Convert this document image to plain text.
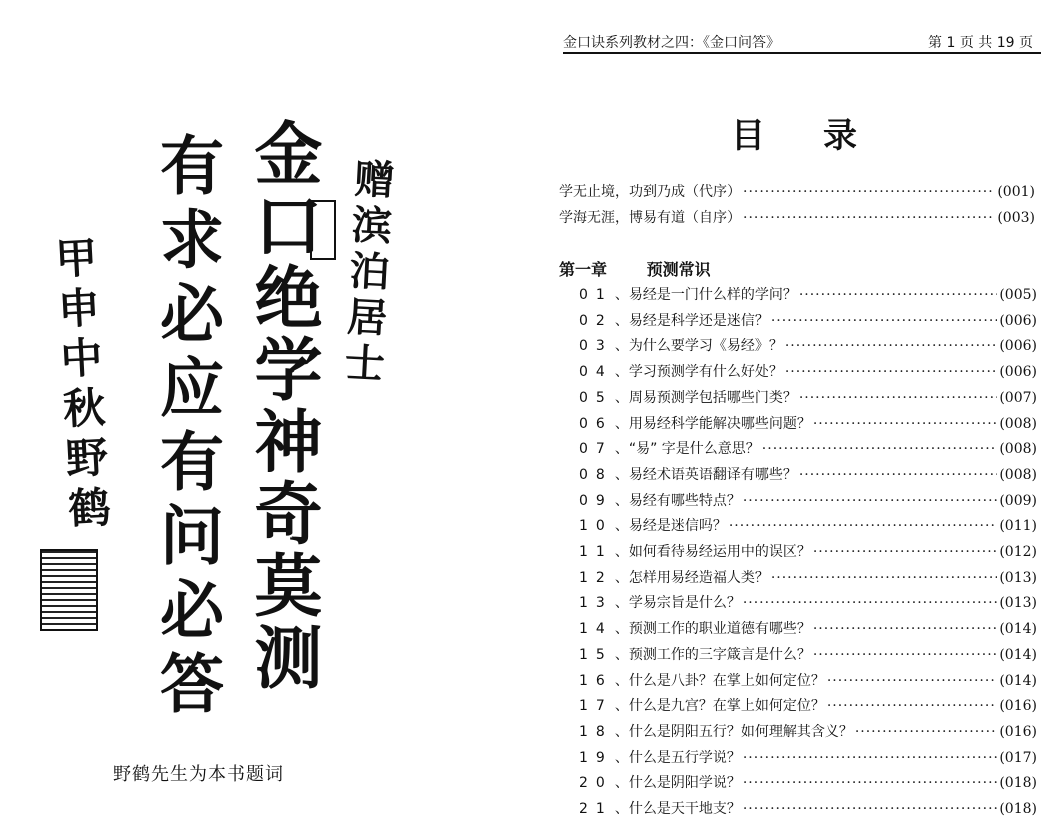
赠滨泊居士
金口绝学神奇莫测
有求必应有问必答
甲申中秋野鹤
野鹤先生为本书题词
金口诀系列教材之四：《金口问答》	第 1 页 共 19 页
目录
学无止境，功到乃成（代序） ·····	(001)
学海无涯，博易有道（自序） ·····	(003)
第一章 预测常识
01 、易经是一门什么样的学问？ ·····	(005)
02 、易经是科学还是迷信？ ·····	(006)
03 、为什么要学习《易经》？ ·····	(006)
04 、学习预测学有什么好处？ ·····	(006)
05 、周易预测学包括哪些门类？ ·····	(007)
06 、用易经科学能解决哪些问题？ ·····	(008)
07 、“易” 字是什么意思？ ·····	(008)
08 、易经术语英语翻译有哪些？ ·····	(008)
09 、易经有哪些特点？ ·····	(009)
10 、易经是迷信吗？ ·····	(011)
11 、如何看待易经运用中的误区？ ·····	(012)
12 、怎样用易经造福人类？ ·····	(013)
13 、学易宗旨是什么？ ·····	(013)
14 、预测工作的职业道德有哪些？ ·····	(014)
15 、预测工作的三字箴言是什么？ ·····	(014)
16 、什么是八卦？在掌上如何定位？ ·····	(014)
17 、什么是九宫？在掌上如何定位？ ·····	(016)
18 、什么是阴阳五行？如何理解其含义？ ·····	(016)
19 、什么是五行学说？ ·····	(017)
20 、什么是阴阳学说？ ·····	(018)
21 、什么是天干地支？ ·····	(018)
